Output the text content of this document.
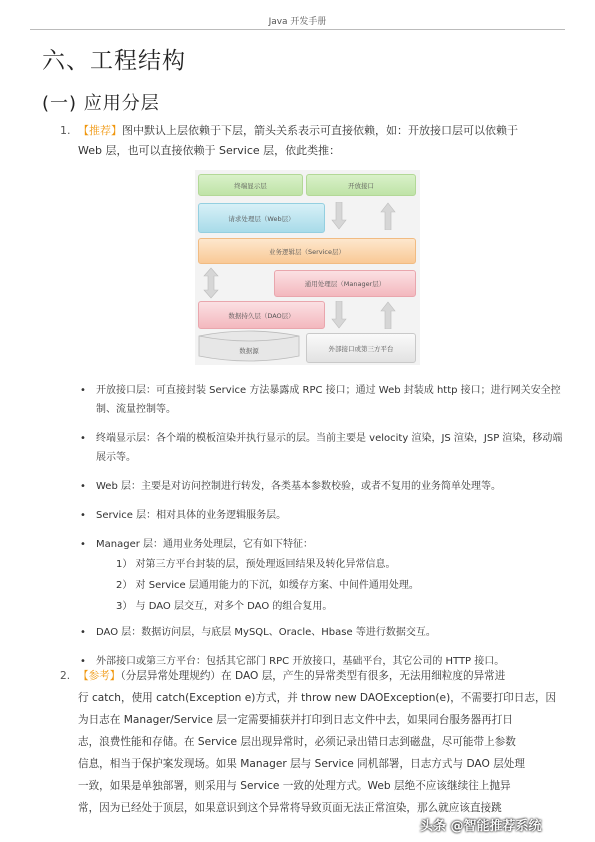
Java 开发手册
六、工程结构
(一) 应用分层
1. 【推荐】图中默认上层依赖于下层，箭头关系表示可直接依赖，如：开放接口层可以依赖于
Web 层，也可以直接依赖于 Service 层，依此类推：
终端显示层	开放接口
请求处理层（Web层）
业务逻辑层（Service层）
通用处理层（Manager层）
数据持久层（DAO层）
数据源	外部接口或第三方平台
• 开放接口层：可直接封装 Service 方法暴露成 RPC 接口；通过 Web 封装成 http 接口；进行网关安全控制、流量控制等。
• 终端显示层：各个端的模板渲染并执行显示的层。当前主要是 velocity 渲染，JS 渲染，JSP 渲染，移动端展示等。
• Web 层：主要是对访问控制进行转发，各类基本参数校验，或者不复用的业务简单处理等。
• Service 层：相对具体的业务逻辑服务层。
• Manager 层：通用业务处理层，它有如下特征：
1） 对第三方平台封装的层，预处理返回结果及转化异常信息。
2） 对 Service 层通用能力的下沉，如缓存方案、中间件通用处理。
3） 与 DAO 层交互，对多个 DAO 的组合复用。
• DAO 层：数据访问层，与底层 MySQL、Oracle、Hbase 等进行数据交互。
• 外部接口或第三方平台：包括其它部门 RPC 开放接口，基础平台，其它公司的 HTTP 接口。
2. 【参考】（分层异常处理规约）在 DAO 层，产生的异常类型有很多，无法用细粒度的异常进
行 catch，使用 catch(Exception e)方式，并 throw new DAOException(e)，不需要打印日志，因
为日志在 Manager/Service 层一定需要捕获并打印到日志文件中去，如果同台服务器再打日
志，浪费性能和存储。在 Service 层出现异常时，必须记录出错日志到磁盘，尽可能带上参数
信息，相当于保护案发现场。如果 Manager 层与 Service 同机部署，日志方式与 DAO 层处理
一致，如果是单独部署，则采用与 Service 一致的处理方式。Web 层绝不应该继续往上抛异
常，因为已经处于顶层，如果意识到这个异常将导致页面无法正常渲染，那么就应该直接跳
头条 @智能推荐系统
